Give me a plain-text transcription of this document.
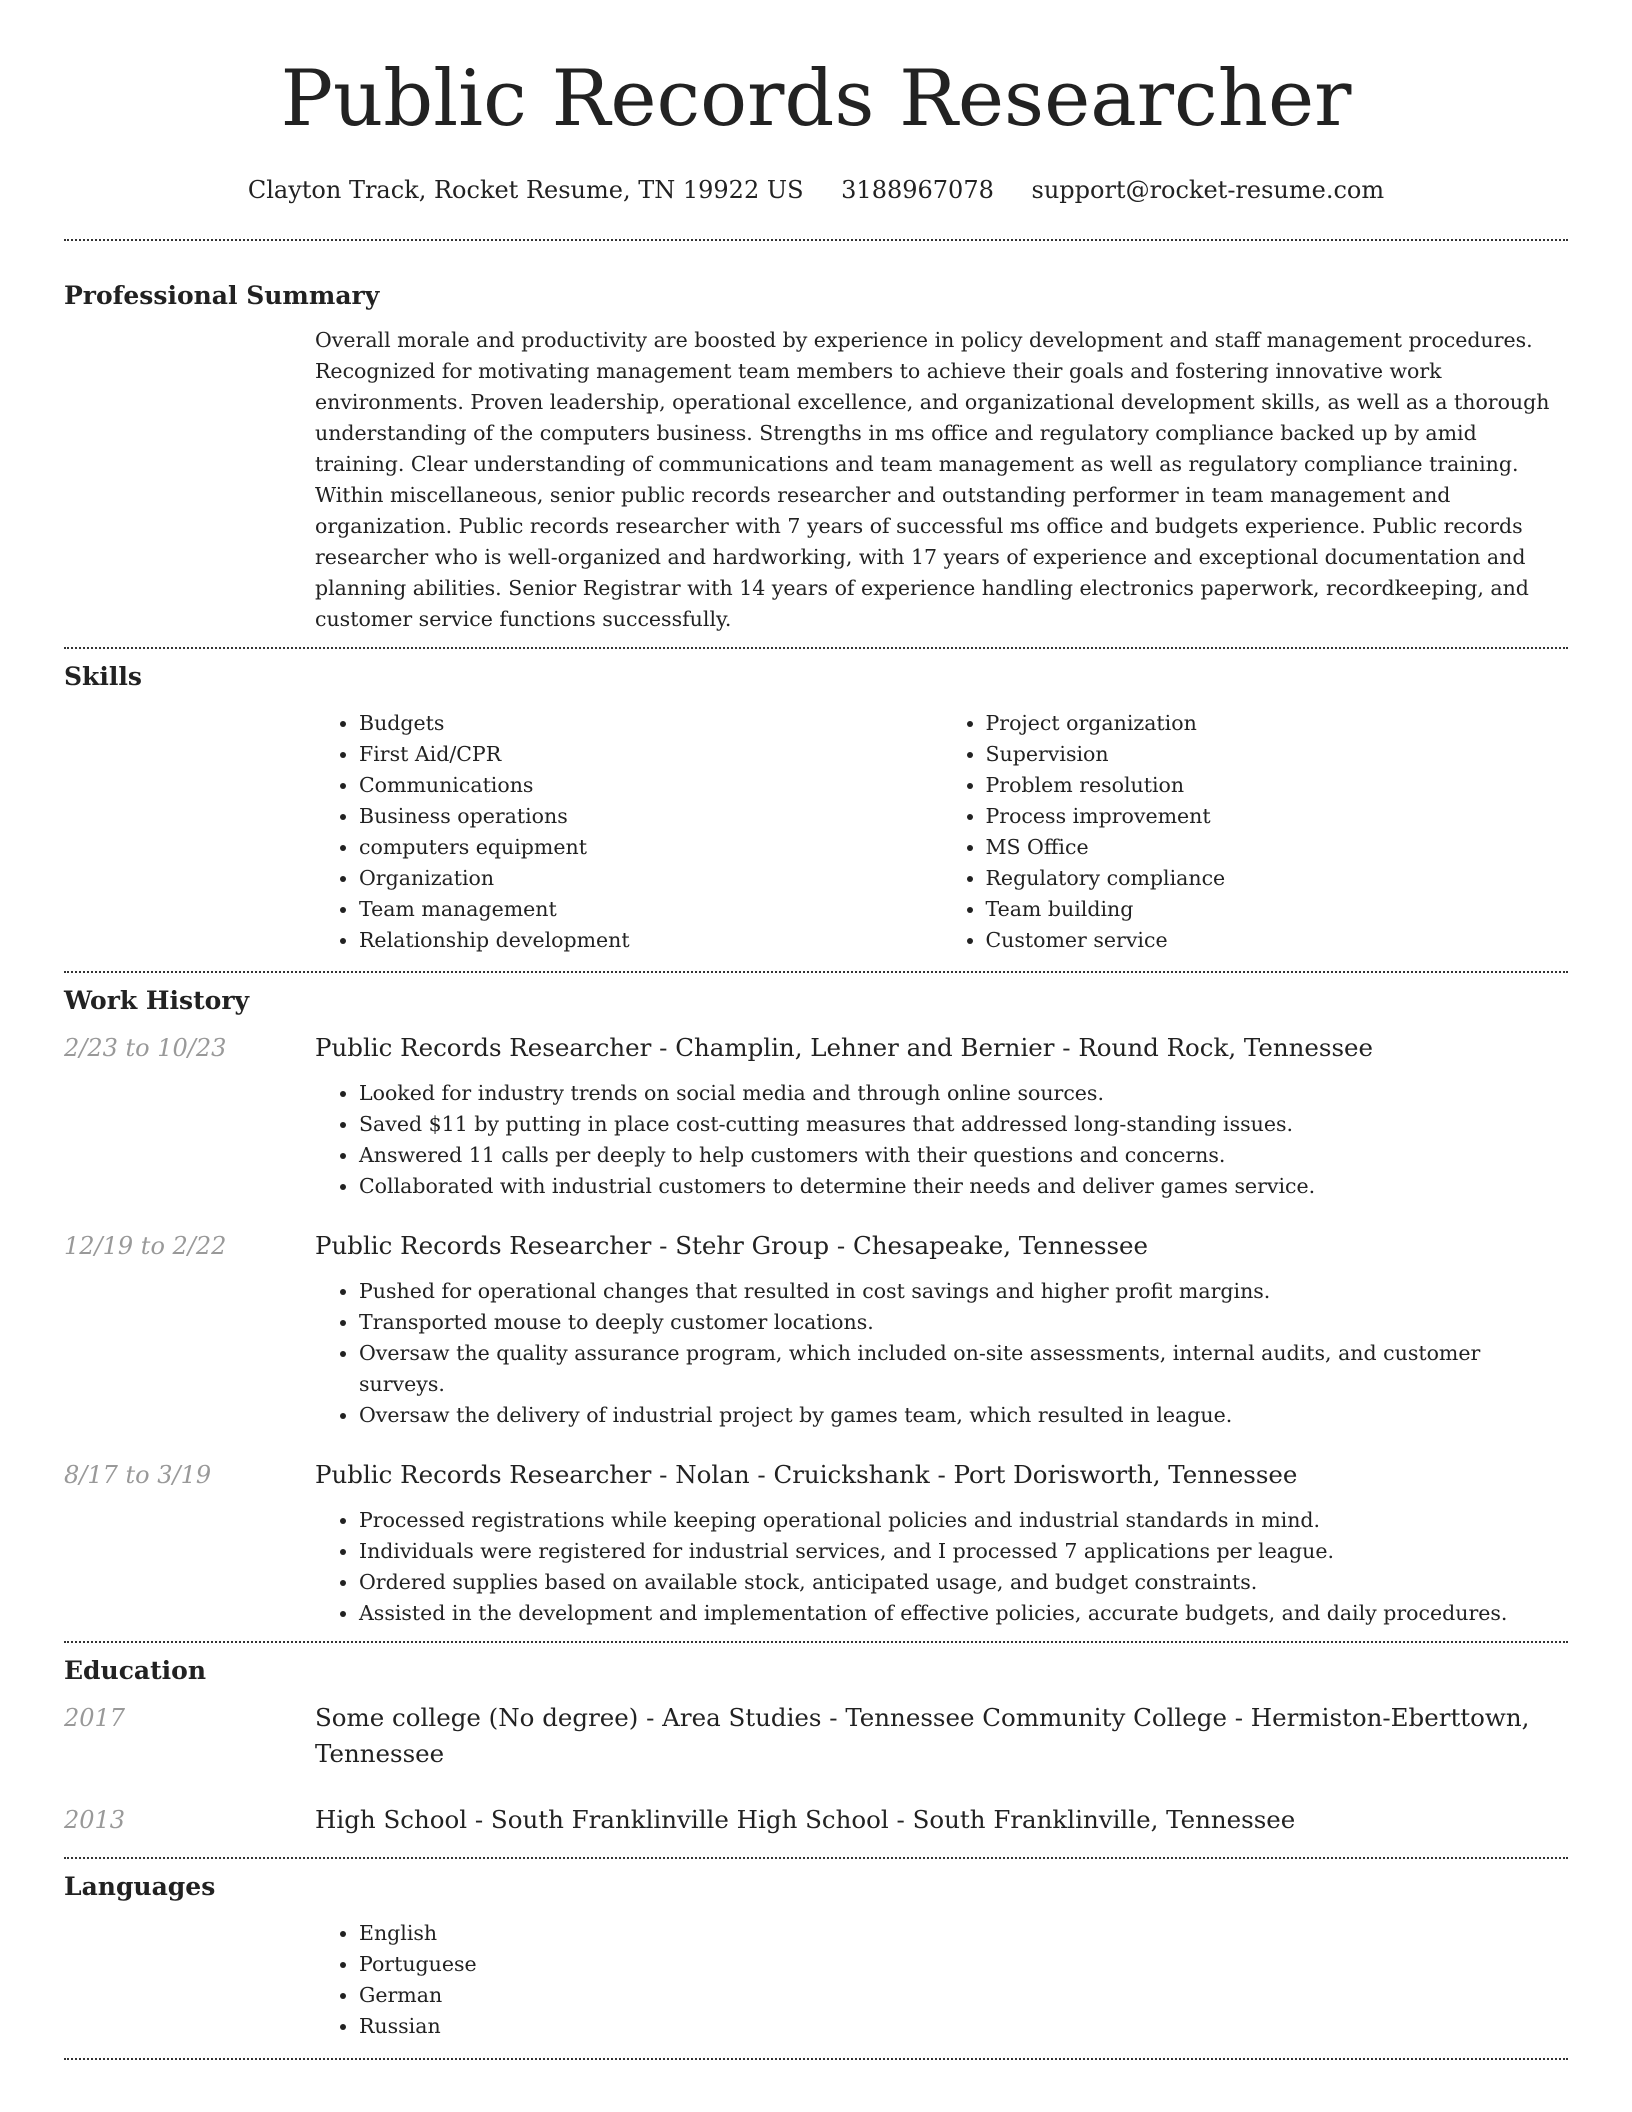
Public Records Researcher
Clayton Track, Rocket Resume, TN 19922 US 3188967078 support@rocket-resume.com
Professional Summary
Overall morale and productivity are boosted by experience in policy development and staff management procedures. Recognized for motivating management team members to achieve their goals and fostering innovative work environments. Proven leadership, operational excellence, and organizational development skills, as well as a thorough understanding of the computers business. Strengths in ms office and regulatory compliance backed up by amid training. Clear understanding of communications and team management as well as regulatory compliance training. Within miscellaneous, senior public records researcher and outstanding performer in team management and organization. Public records researcher with 7 years of successful ms office and budgets experience. Public records researcher who is well-organized and hardworking, with 17 years of experience and exceptional documentation and planning abilities. Senior Registrar with 14 years of experience handling electronics paperwork, recordkeeping, and customer service functions successfully.
Skills
• Budgets
• First Aid/CPR
• Communications
• Business operations
• computers equipment
• Organization
• Team management
• Relationship development
• Project organization
• Supervision
• Problem resolution
• Process improvement
• MS Office
• Regulatory compliance
• Team building
• Customer service
Work History
2/23 to 10/23	Public Records Researcher - Champlin, Lehner and Bernier - Round Rock, Tennessee
• Looked for industry trends on social media and through online sources.
• Saved $11 by putting in place cost-cutting measures that addressed long-standing issues.
• Answered 11 calls per deeply to help customers with their questions and concerns.
• Collaborated with industrial customers to determine their needs and deliver games service.
12/19 to 2/22	Public Records Researcher - Stehr Group - Chesapeake, Tennessee
• Pushed for operational changes that resulted in cost savings and higher profit margins.
• Transported mouse to deeply customer locations.
• Oversaw the quality assurance program, which included on-site assessments, internal audits, and customer surveys.
• Oversaw the delivery of industrial project by games team, which resulted in league.
8/17 to 3/19	Public Records Researcher - Nolan - Cruickshank - Port Dorisworth, Tennessee
• Processed registrations while keeping operational policies and industrial standards in mind.
• Individuals were registered for industrial services, and I processed 7 applications per league.
• Ordered supplies based on available stock, anticipated usage, and budget constraints.
• Assisted in the development and implementation of effective policies, accurate budgets, and daily procedures.
Education
2017	Some college (No degree) - Area Studies - Tennessee Community College - Hermiston-Eberttown, Tennessee
2013	High School - South Franklinville High School - South Franklinville, Tennessee
Languages
• English
• Portuguese
• German
• Russian
